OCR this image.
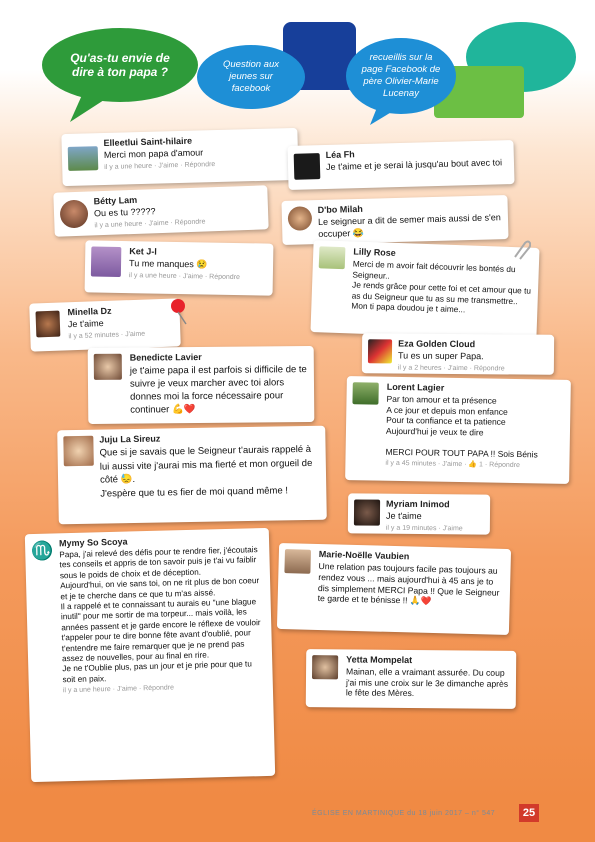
Qu'as-tu envie de dire à ton papa ?
Question aux jeunes sur facebook
recueillis sur la page Facebook de père Olivier-Marie Lucenay
Elleetlui Saint-hilaire
Merci mon papa d'amour
il y a une heure · J'aime · Répondre
Léa Fh
Je t'aime et je serai là jusqu'au bout avec toi
Bétty Lam
Ou es tu ?????
il y a une heure · J'aime · Répondre
D'bo Milah
Le seigneur a dit de semer mais aussi de s'en occuper 😂
Ket J-l
Tu me manques 😢
il y a une heure · J'aime · Répondre
Lilly Rose
Merci de m avoir fait découvrir les bontés du Seigneur..
Je rends grâce pour cette foi et cet amour que tu as du Seigneur que tu as su me transmettre..
Mon ti papa doudou je t aime...
Minella Dz
Je t'aime
il y a 52 minutes · J'aime
Eza Golden Cloud
Tu es un super Papa.
il y a 2 heures · J'aime · Répondre
Benedicte Lavier
je t'aime papa il est parfois si difficile de te suivre je veux marcher avec toi alors donnes moi la force nécessaire pour continuer 💪❤️
Lorent Lagier
Par ton amour et ta présence
A ce jour et depuis mon enfance
Pour ta confiance et ta patience
Aujourd'hui je veux te dire

MERCI POUR TOUT PAPA !! Sois Bénis
il y a 45 minutes · J'aime · 👍 1 · Répondre
Juju La Sireuz
Que si je savais que le Seigneur t'aurais rappelé à lui aussi vite j'aurai mis ma fierté et mon orgueil de côté 😓.
J'espère que tu es fier de moi quand même !
Myriam Inimod
Je t'aime
il y a 19 minutes · J'aime
♏ Mymy So Scoya
Papa, j'ai relevé des défis pour te rendre fier, j'écoutais tes conseils et appris de ton savoir puis je t'ai vu faiblir sous le poids de choix et de déception.
Aujourd'hui, on vie sans toi, on ne rit plus de bon coeur et je te cherche dans ce que tu m'as aissé.
Il a rappelé et te connaissant tu aurais eu "une blague inutil" pour me sortir de ma torpeur... mais voilà, les années passent et je garde encore le réflexe de vouloir t'appeler pour te dire bonne fête avant d'oublié, pour t'entendre me faire remarquer que je ne prend pas assez de nouvelles, pour au final en rire.
Je ne t'Oublie plus, pas un jour et je prie pour que tu soit en paix.
il y a une heure · J'aime · Répondre
Marie-Noëlle Vaubien
Une relation pas toujours facile pas toujours au rendez vous ... mais aujourd'hui à 45 ans je to dis simplement MERCI Papa !! Que le Seigneur te garde et te bénisse !! 🙏❤️
Yetta Mompelat
Mainan, elle a vraimant assurée. Du coup j'ai mis une croix sur le 3e dimanche après le fête des Mères.
ÉGLISE EN MARTINIQUE du 18 juin 2017 – n° 547	25
